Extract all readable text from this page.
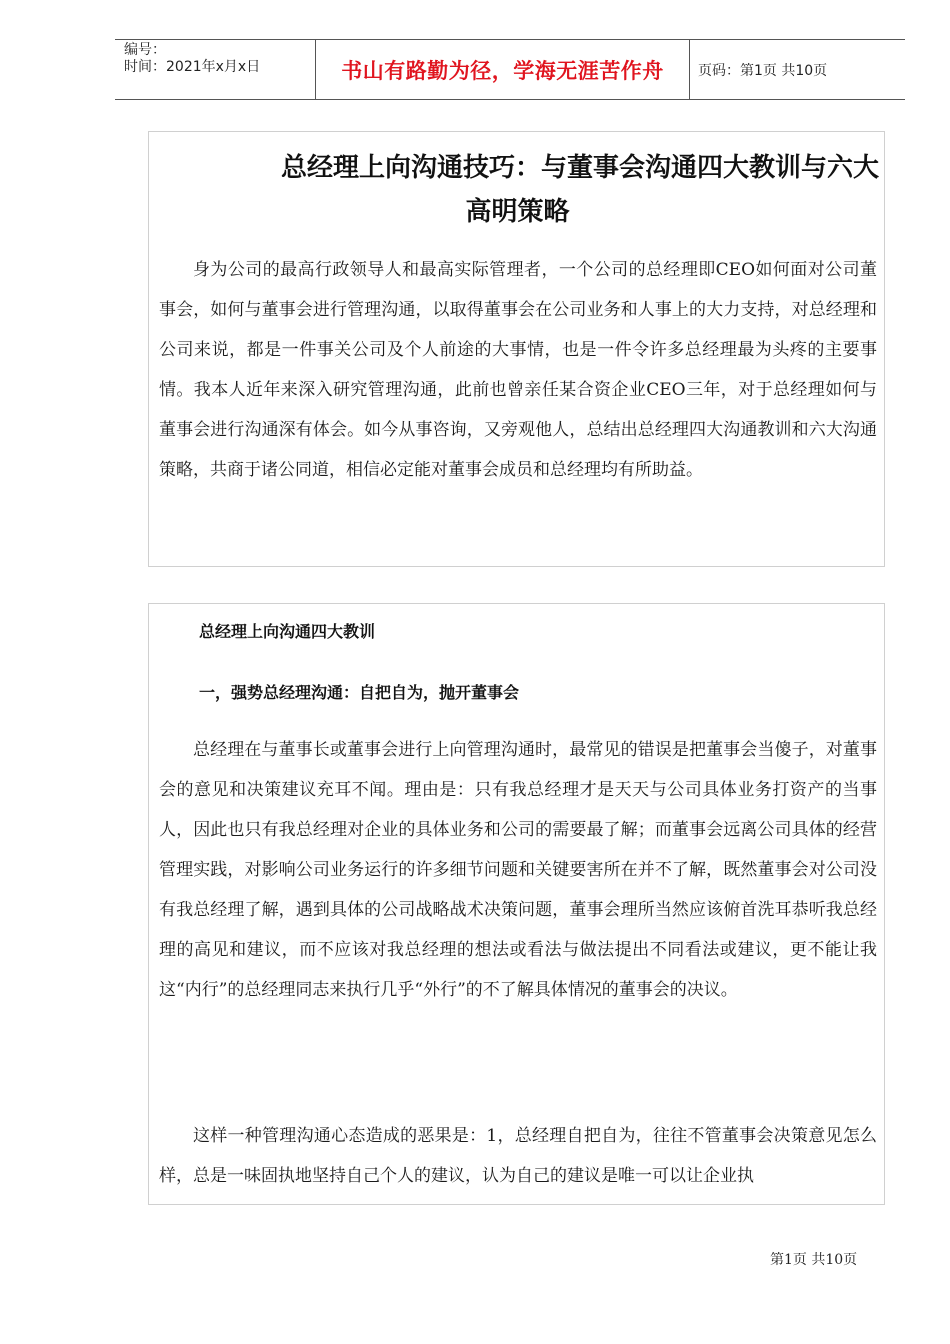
编号：
时间：2021年x月x日	书山有路勤为径，学海无涯苦作舟	页码：第1页 共10页
总经理上向沟通技巧：与董事会沟通四大教训与六大
高明策略

身为公司的最高行政领导人和最高实际管理者，一个公司的总经理即CEO如何面对公司董事会，如何与董事会进行管理沟通，以取得董事会在公司业务和人事上的大力支持，对总经理和公司来说，都是一件事关公司及个人前途的大事情，也是一件令许多总经理最为头疼的主要事情。我本人近年来深入研究管理沟通，此前也曾亲任某合资企业CEO三年，对于总经理如何与董事会进行沟通深有体会。如今从事咨询，又旁观他人，总结出总经理四大沟通教训和六大沟通策略，共商于诸公同道，相信必定能对董事会成员和总经理均有所助益。

总经理上向沟通四大教训
一，强势总经理沟通：自把自为，抛开董事会

总经理在与董事长或董事会进行上向管理沟通时，最常见的错误是把董事会当傻子，对董事会的意见和决策建议充耳不闻。理由是：只有我总经理才是天天与公司具体业务打资产的当事人，因此也只有我总经理对企业的具体业务和公司的需要最了解；而董事会远离公司具体的经营管理实践，对影响公司业务运行的许多细节问题和关键要害所在并不了解，既然董事会对公司没有我总经理了解，遇到具体的公司战略战术决策问题，董事会理所当然应该俯首洗耳恭听我总经理的高见和建议，而不应该对我总经理的想法或看法与做法提出不同看法或建议，更不能让我这“内行”的总经理同志来执行几乎“外行”的不了解具体情况的董事会的决议。

这样一种管理沟通心态造成的恶果是：1，总经理自把自为，往往不管董事会决策意见怎么样，总是一味固执地坚持自己个人的建议，认为自己的建议是唯一可以让企业执

第1页 共10页
